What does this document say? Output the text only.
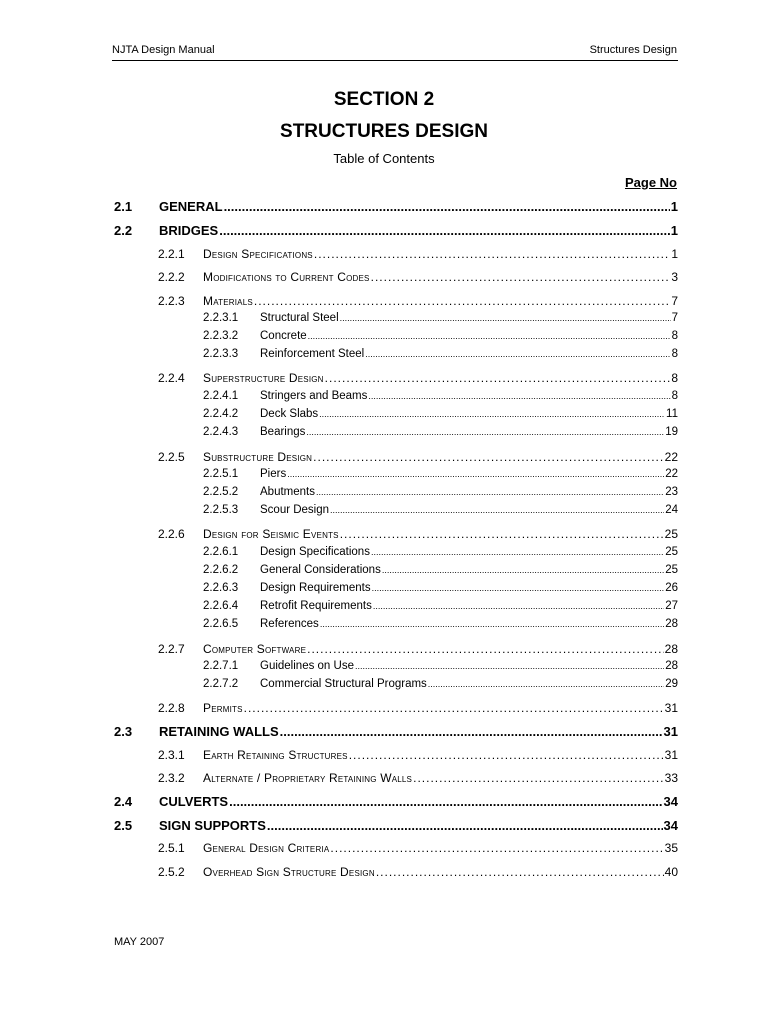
NJTA Design Manual	Structures Design
SECTION 2
STRUCTURES DESIGN
Table of Contents
Page No
2.1	GENERAL .....	1
2.2	BRIDGES .....	1
2.2.1	Design Specifications .....	1
2.2.2	Modifications to Current Codes .....	3
2.2.3	Materials .....	7
2.2.3.1	Structural Steel .....	7
2.2.3.2	Concrete .....	8
2.2.3.3	Reinforcement Steel .....	8
2.2.4	Superstructure Design .....	8
2.2.4.1	Stringers and Beams .....	8
2.2.4.2	Deck Slabs .....	11
2.2.4.3	Bearings .....	19
2.2.5	Substructure Design .....	22
2.2.5.1	Piers .....	22
2.2.5.2	Abutments .....	23
2.2.5.3	Scour Design .....	24
2.2.6	Design for Seismic Events .....	25
2.2.6.1	Design Specifications .....	25
2.2.6.2	General Considerations .....	25
2.2.6.3	Design Requirements .....	26
2.2.6.4	Retrofit Requirements .....	27
2.2.6.5	References .....	28
2.2.7	Computer Software .....	28
2.2.7.1	Guidelines on Use .....	28
2.2.7.2	Commercial Structural Programs .....	29
2.2.8	Permits .....	31
2.3	RETAINING WALLS .....	31
2.3.1	Earth Retaining Structures .....	31
2.3.2	Alternate / Proprietary Retaining Walls .....	33
2.4	CULVERTS .....	34
2.5	SIGN SUPPORTS .....	34
2.5.1	General Design Criteria .....	35
2.5.2	Overhead Sign Structure Design .....	40
MAY 2007
